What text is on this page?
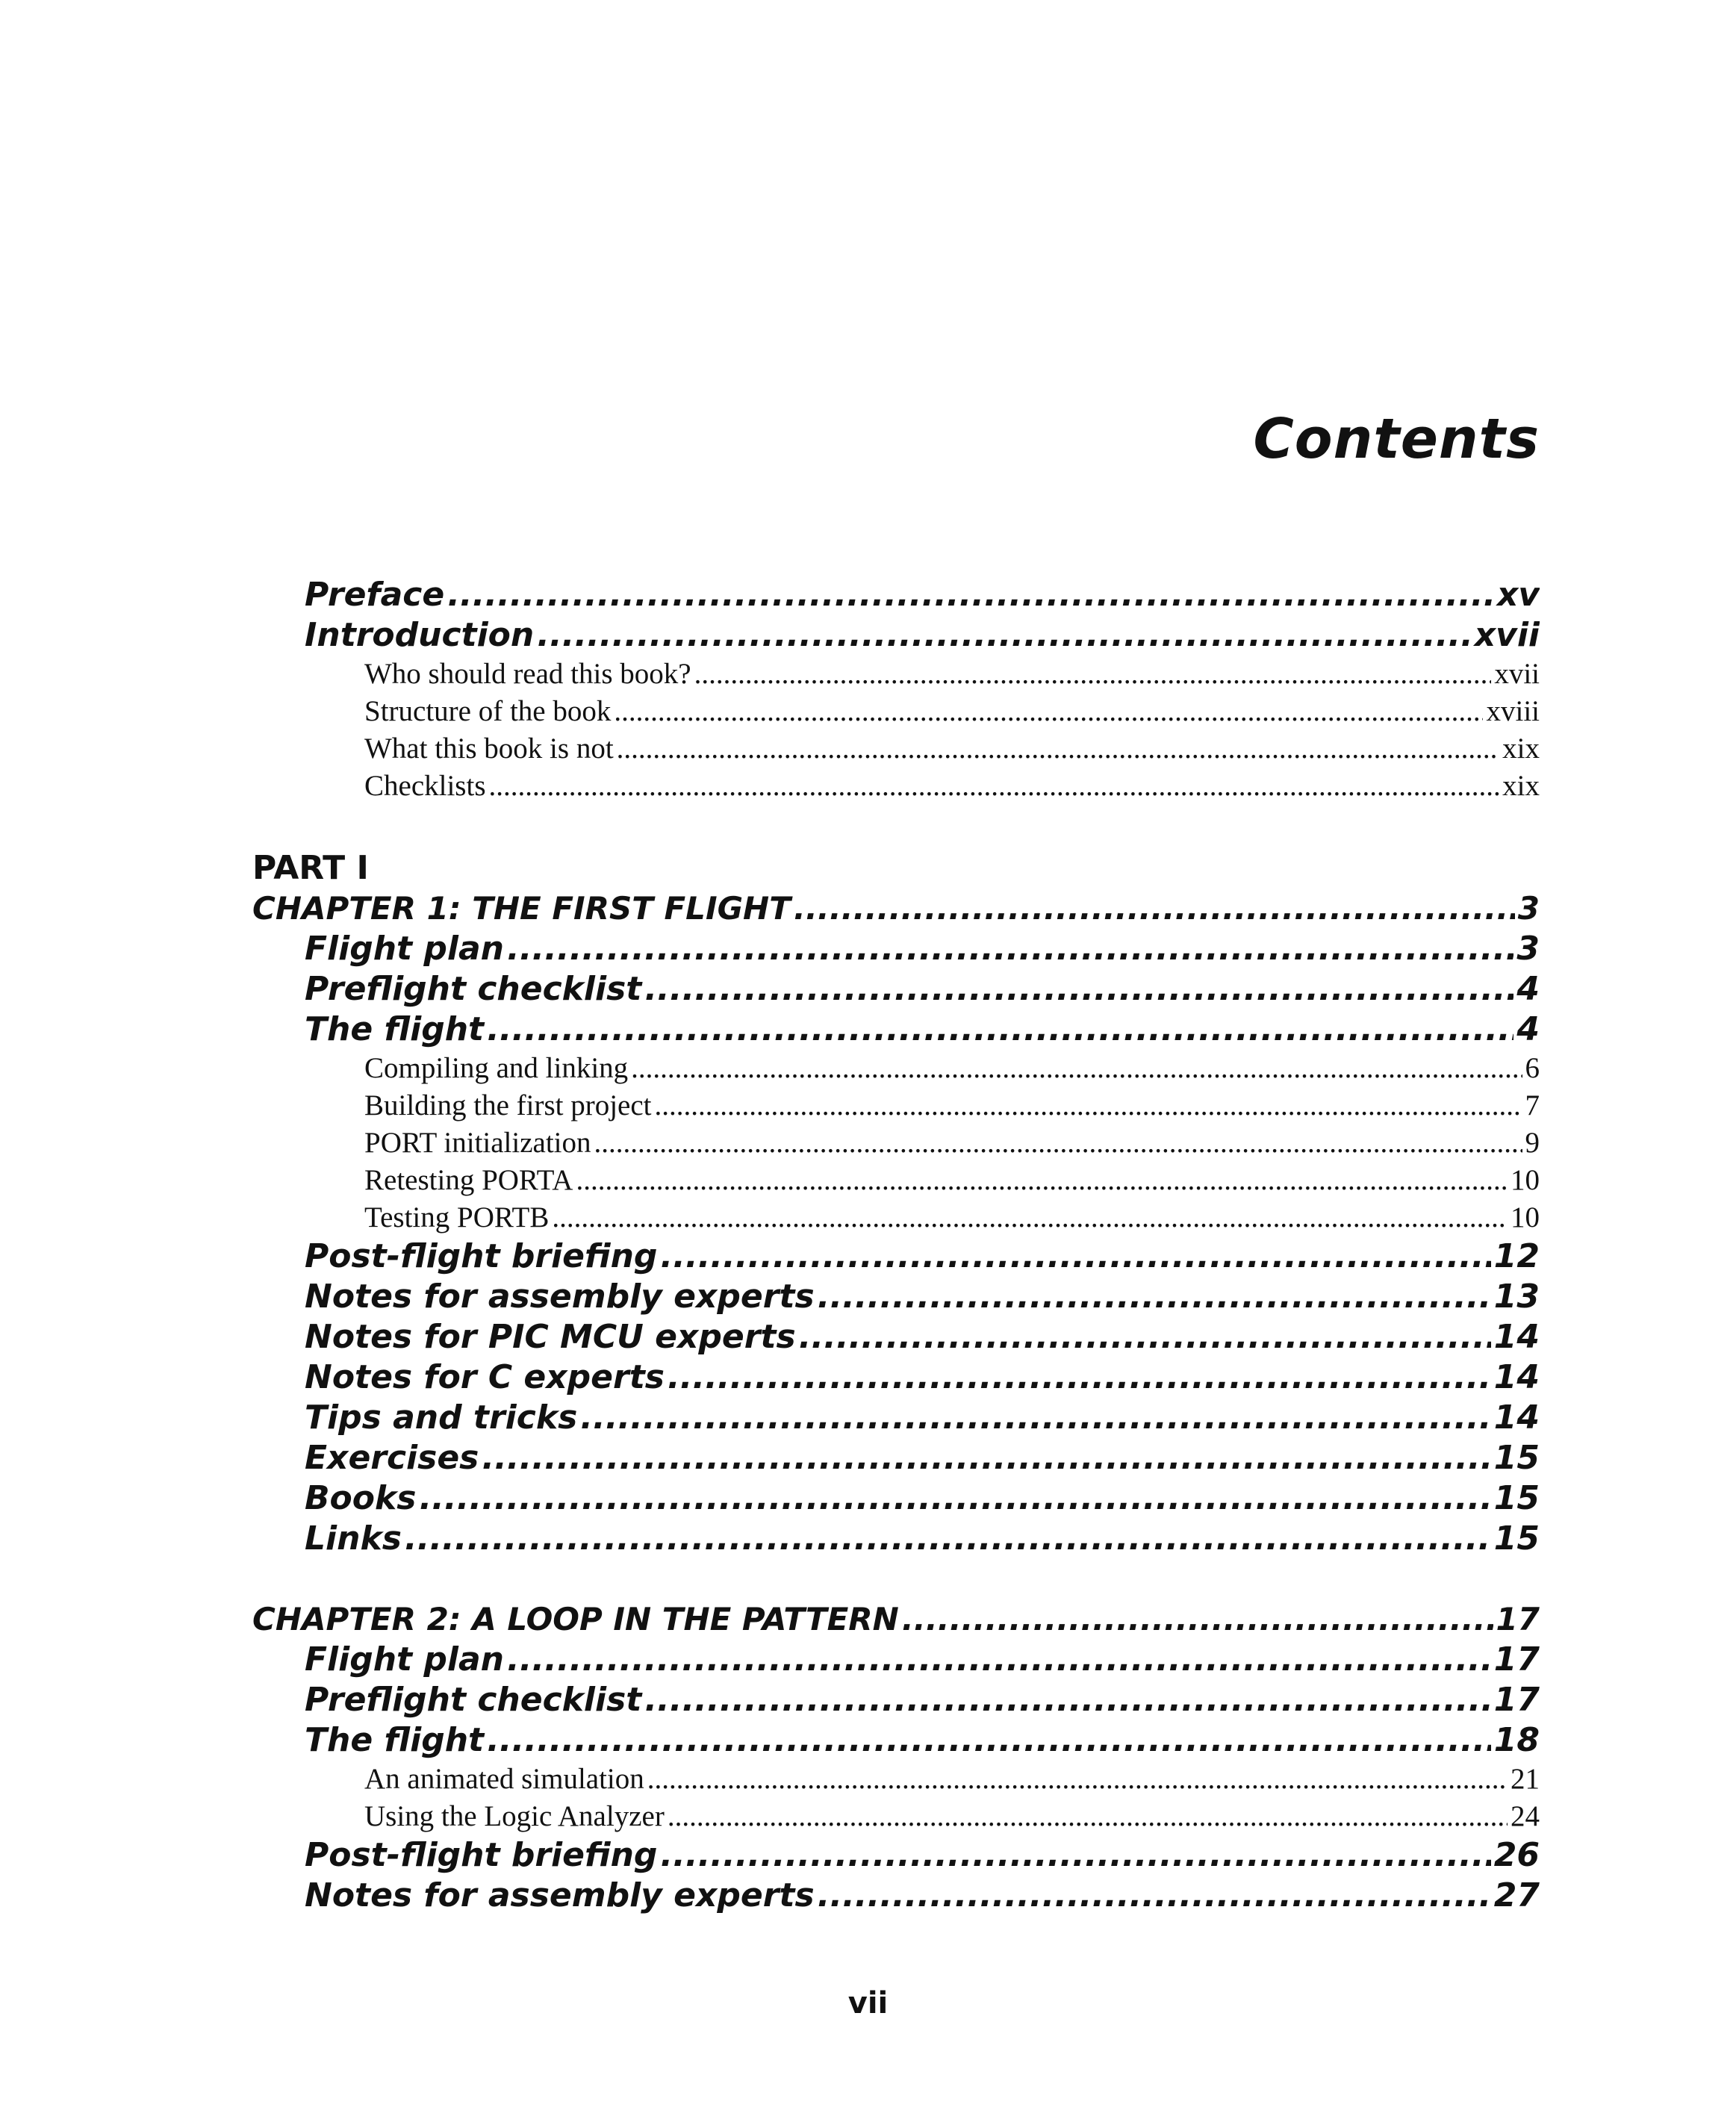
Contents
Preface .....	xv
Introduction .....	xvii
Who should read this book? .....	xvii
Structure of the book .....	xviii
What this book is not .....	xix
Checklists .....	xix
PART I
CHAPTER 1: THE FIRST FLIGHT .....	3
Flight plan .....	3
Preflight checklist .....	4
The flight .....	4
Compiling and linking .....	6
Building the first project .....	7
PORT initialization .....	9
Retesting PORTA .....	10
Testing PORTB .....	10
Post-flight briefing .....	12
Notes for assembly experts .....	13
Notes for PIC MCU experts .....	14
Notes for C experts .....	14
Tips and tricks .....	14
Exercises .....	15
Books .....	15
Links .....	15
CHAPTER 2: A LOOP IN THE PATTERN .....	17
Flight plan .....	17
Preflight checklist .....	17
The flight .....	18
An animated simulation .....	21
Using the Logic Analyzer .....	24
Post-flight briefing .....	26
Notes for assembly experts .....	27
vii
